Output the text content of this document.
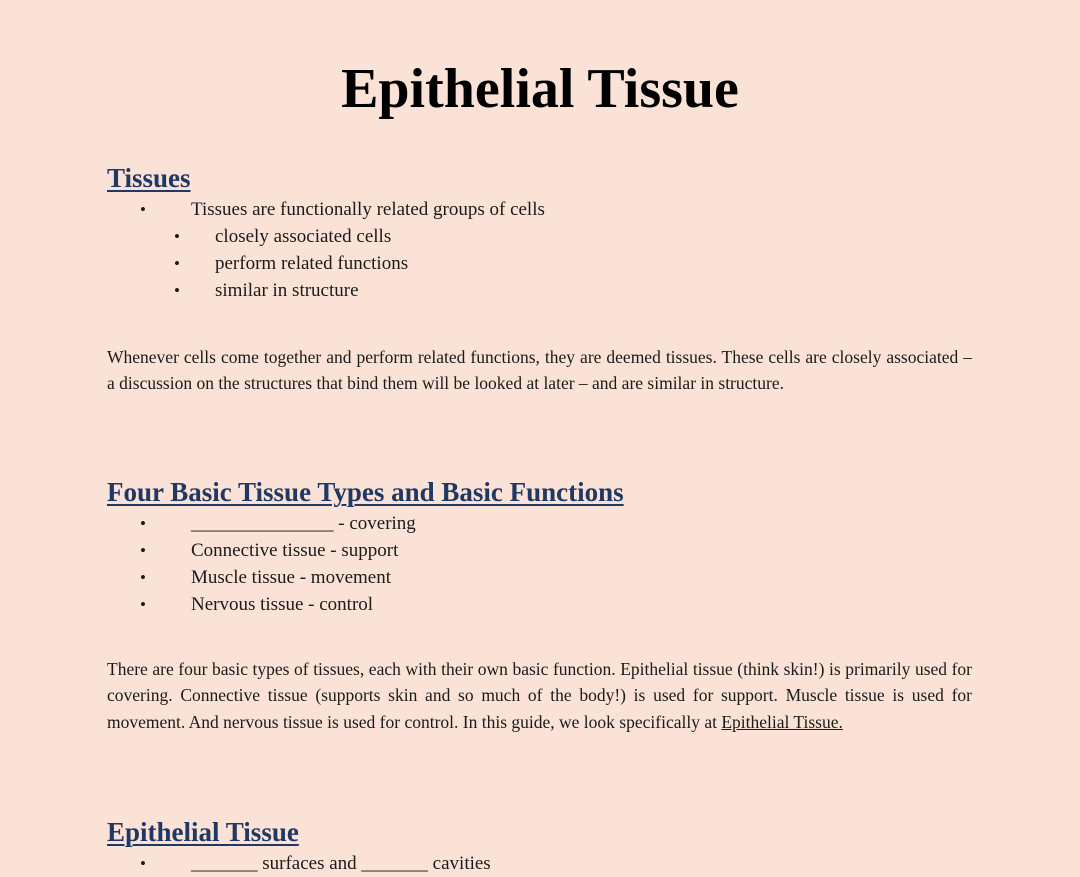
Epithelial Tissue
Tissues
• Tissues are functionally related groups of cells
• closely associated cells
• perform related functions
• similar in structure

Whenever cells come together and perform related functions, they are deemed tissues. These cells are closely associated – a discussion on the structures that bind them will be looked at later – and are similar in structure.

Four Basic Tissue Types and Basic Functions
• _______________ - covering
• Connective tissue - support
• Muscle tissue - movement
• Nervous tissue - control

There are four basic types of tissues, each with their own basic function. Epithelial tissue (think skin!) is primarily used for covering. Connective tissue (supports skin and so much of the body!) is used for support. Muscle tissue is used for movement. And nervous tissue is used for control. In this guide, we look specifically at Epithelial Tissue.

Epithelial Tissue
• _______ surfaces and _______ cavities
